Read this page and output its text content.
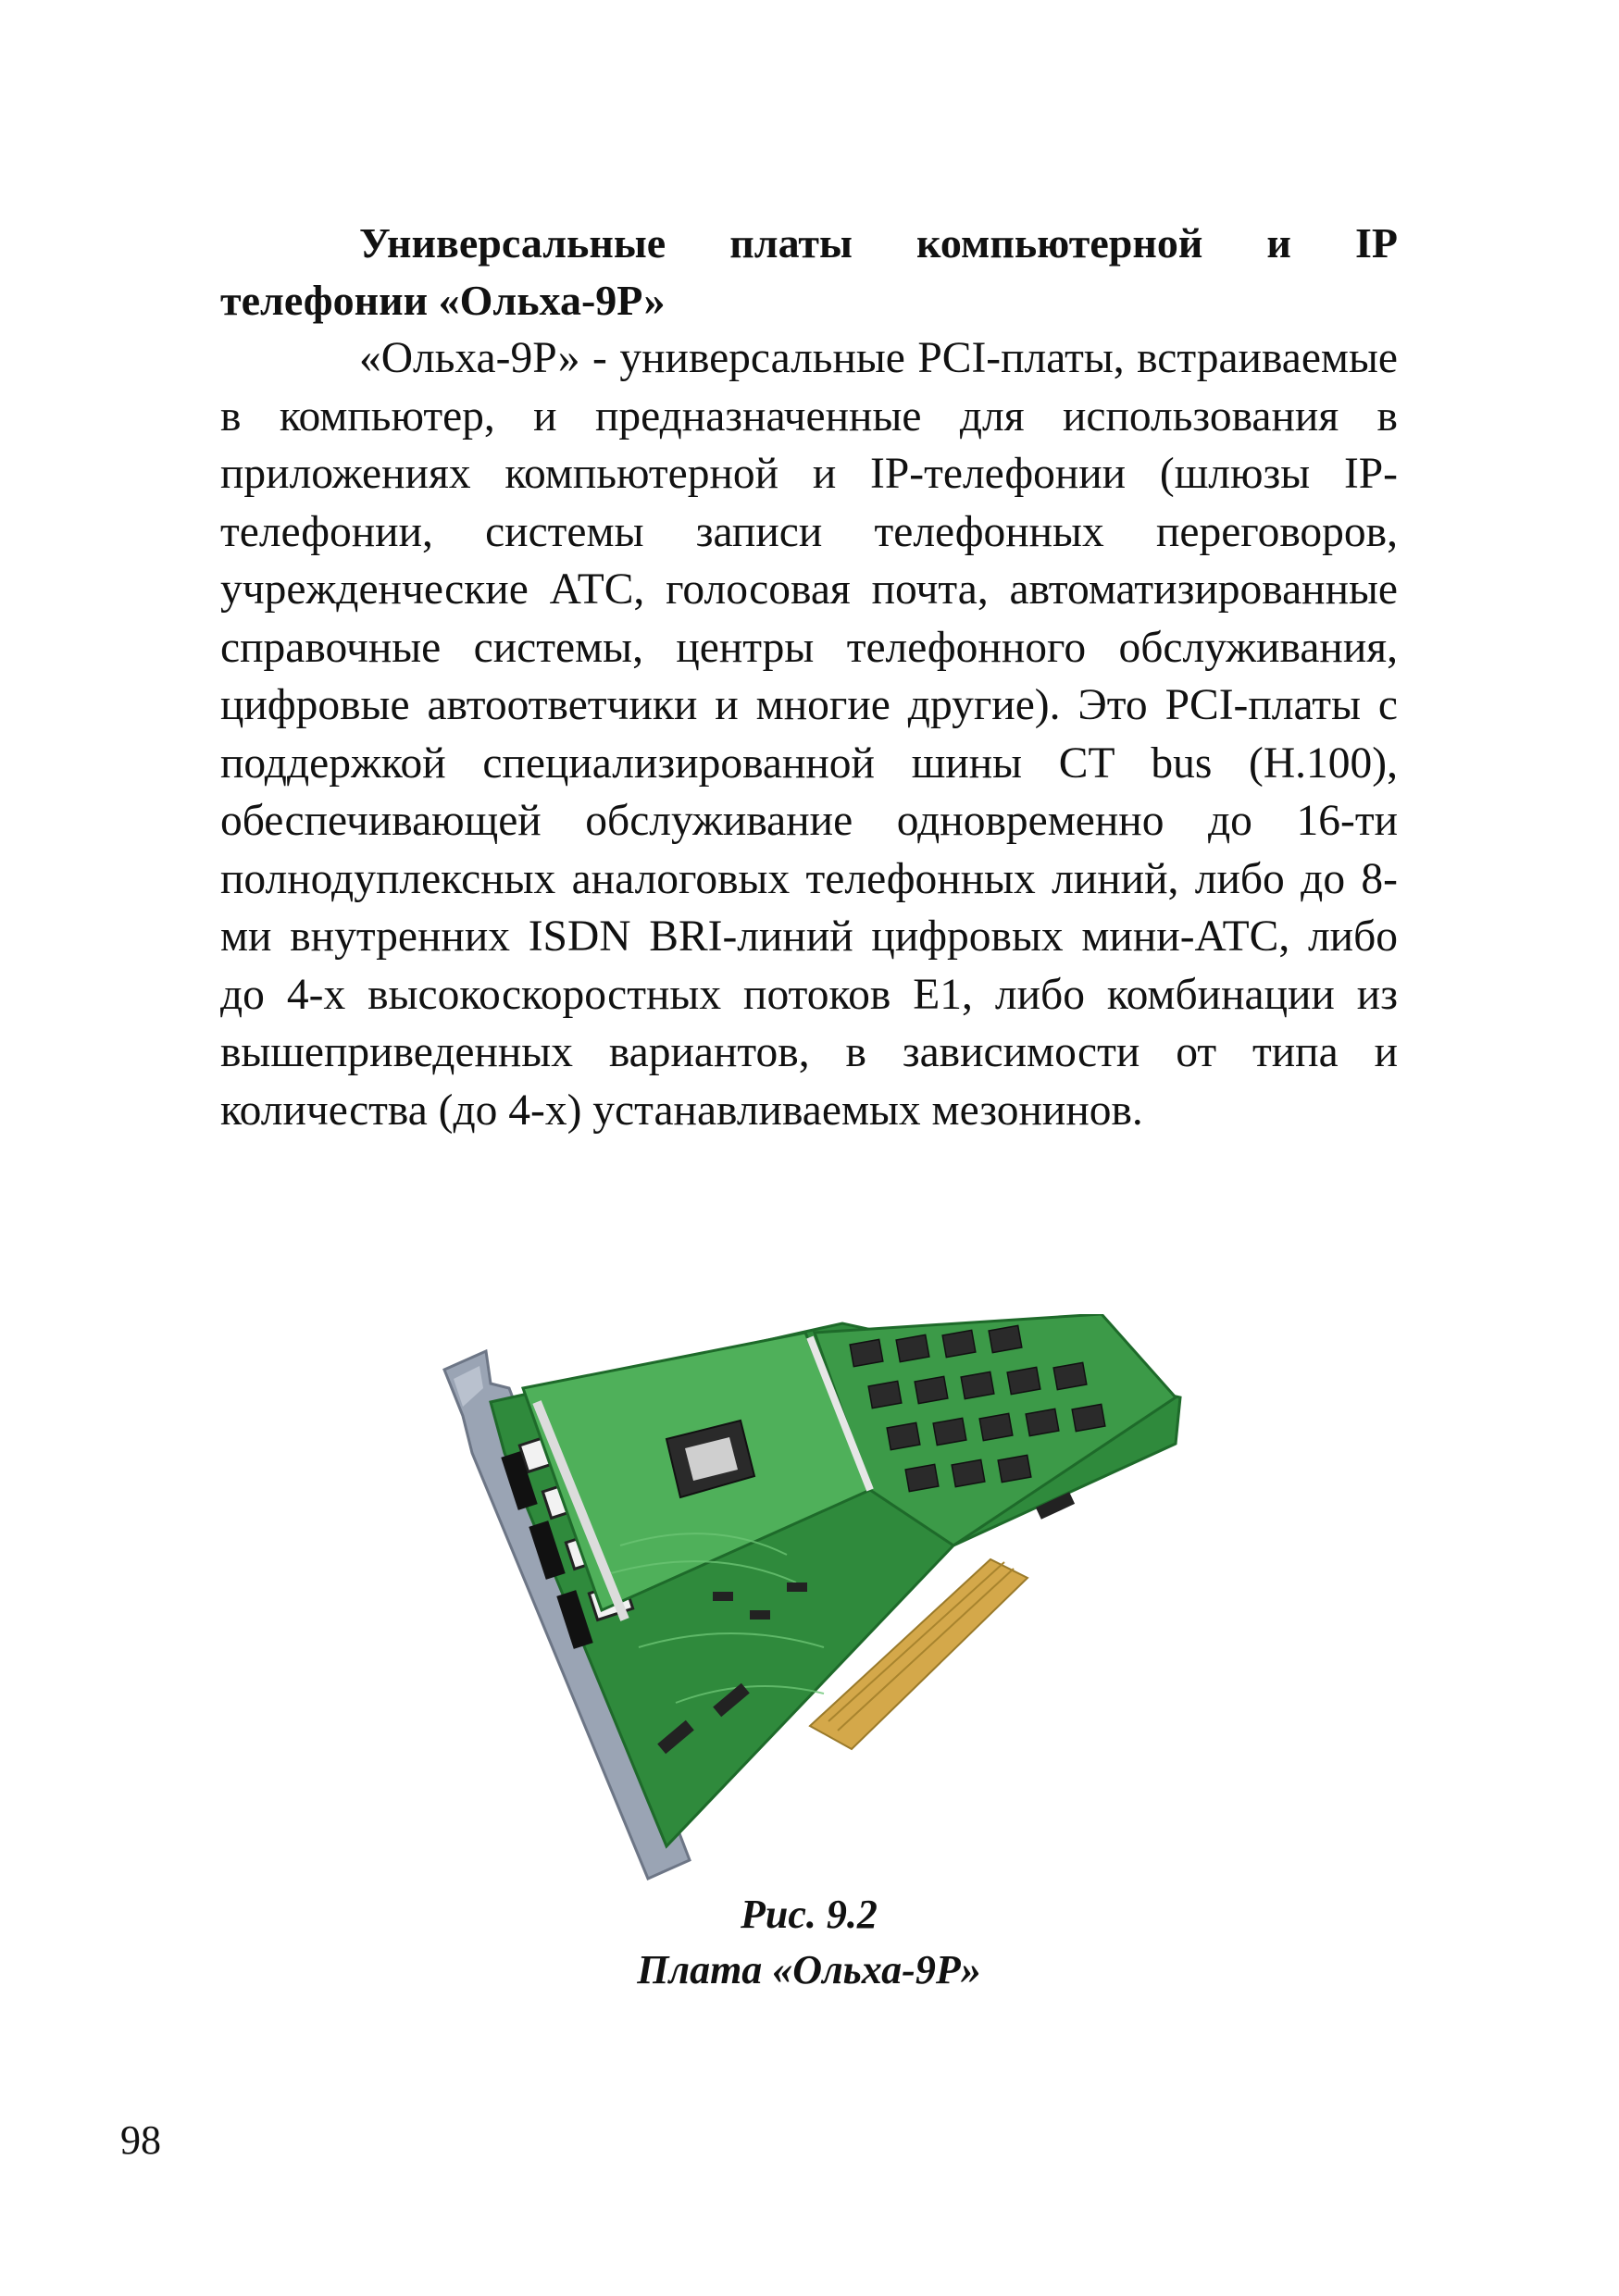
Универсальные платы компьютерной и IP телефонии «Ольха-9Р»

«Ольха-9Р» - универсальные PCI-платы, встраиваемые в компьютер, и предназначенные для использования в приложениях компьютерной и IP-телефонии (шлюзы IP-телефонии, системы записи телефонных переговоров, учрежденческие АТС, голосовая почта, автоматизированные справочные системы, центры телефонного обслуживания, цифровые автоответчики и многие другие). Это PCI-платы с поддержкой специализированной шины CT bus (H.100), обеспечивающей обслуживание одновременно до 16-ти полнодуплексных аналоговых телефонных линий, либо до 8-ми внутренних ISDN BRI-линий цифровых мини-АТС, либо до 4-х высокоскоростных потоков E1, либо комбинации из вышеприведенных вариантов, в зависимости от типа и количества (до 4-х) устанавливаемых мезонинов.

Рис. 9.2
Плата «Ольха-9Р»
98
